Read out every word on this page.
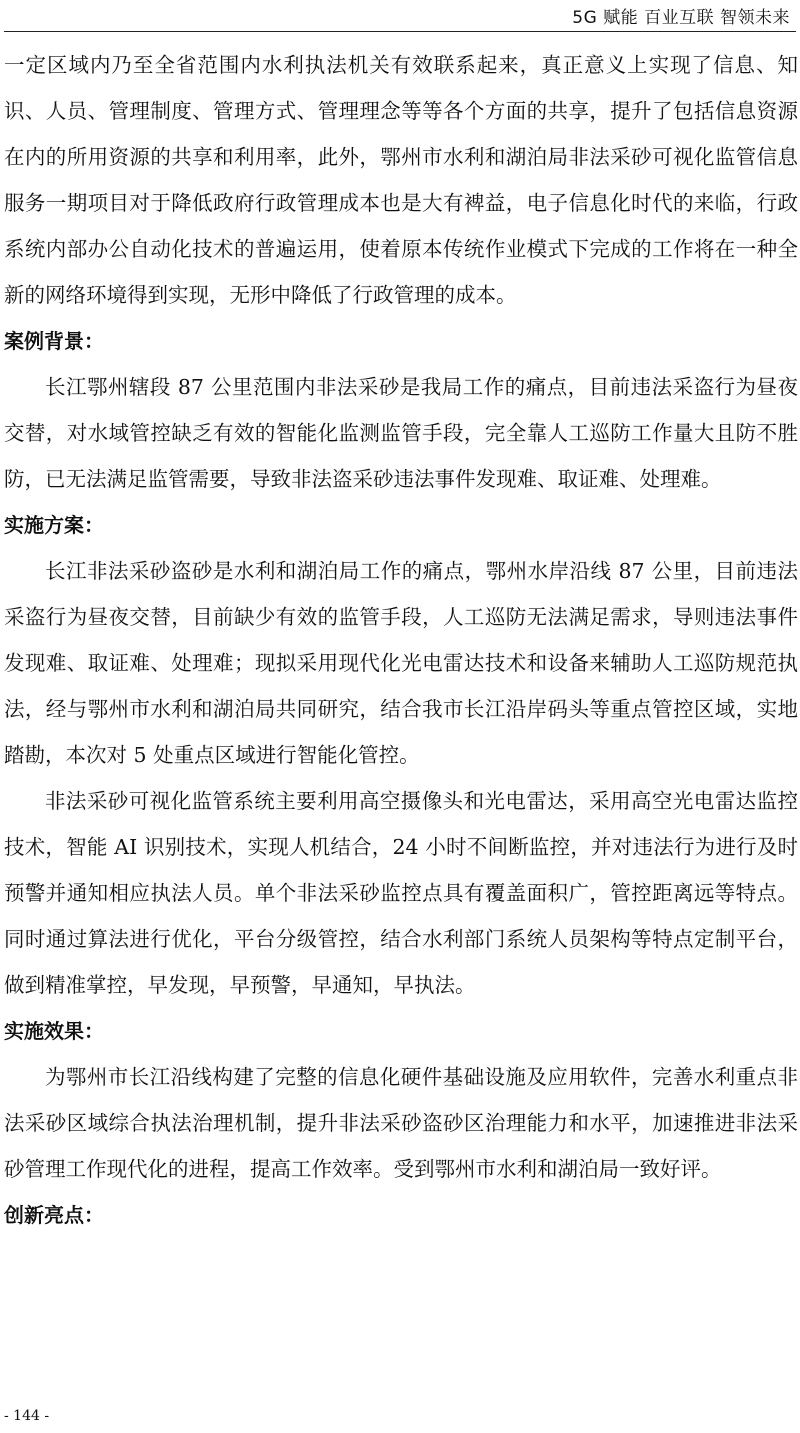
5G 赋能 百业互联 智领未来

一定区域内乃至全省范围内水利执法机关有效联系起来，真正意义上实现了信息、知识、人员、管理制度、管理方式、管理理念等等各个方面的共享，提升了包括信息资源在内的所用资源的共享和利用率，此外，鄂州市水利和湖泊局非法采砂可视化监管信息服务一期项目对于降低政府行政管理成本也是大有裨益，电子信息化时代的来临，行政系统内部办公自动化技术的普遍运用，使着原本传统作业模式下完成的工作将在一种全新的网络环境得到实现，无形中降低了行政管理的成本。

案例背景：

长江鄂州辖段 87 公里范围内非法采砂是我局工作的痛点，目前违法采盗行为昼夜交替，对水域管控缺乏有效的智能化监测监管手段，完全靠人工巡防工作量大且防不胜防，已无法满足监管需要，导致非法盗采砂违法事件发现难、取证难、处理难。

实施方案：

长江非法采砂盗砂是水利和湖泊局工作的痛点，鄂州水岸沿线 87 公里，目前违法采盗行为昼夜交替，目前缺少有效的监管手段，人工巡防无法满足需求，导则违法事件发现难、取证难、处理难；现拟采用现代化光电雷达技术和设备来辅助人工巡防规范执法，经与鄂州市水利和湖泊局共同研究，结合我市长江沿岸码头等重点管控区域，实地踏勘，本次对 5 处重点区域进行智能化管控。

非法采砂可视化监管系统主要利用高空摄像头和光电雷达，采用高空光电雷达监控技术，智能 AI 识别技术，实现人机结合，24 小时不间断监控，并对违法行为进行及时预警并通知相应执法人员。单个非法采砂监控点具有覆盖面积广，管控距离远等特点。同时通过算法进行优化，平台分级管控，结合水利部门系统人员架构等特点定制平台，做到精准掌控，早发现，早预警，早通知，早执法。

实施效果：

为鄂州市长江沿线构建了完整的信息化硬件基础设施及应用软件，完善水利重点非法采砂区域综合执法治理机制，提升非法采砂盗砂区治理能力和水平，加速推进非法采砂管理工作现代化的进程，提高工作效率。受到鄂州市水利和湖泊局一致好评。

创新亮点：
- 144 -
